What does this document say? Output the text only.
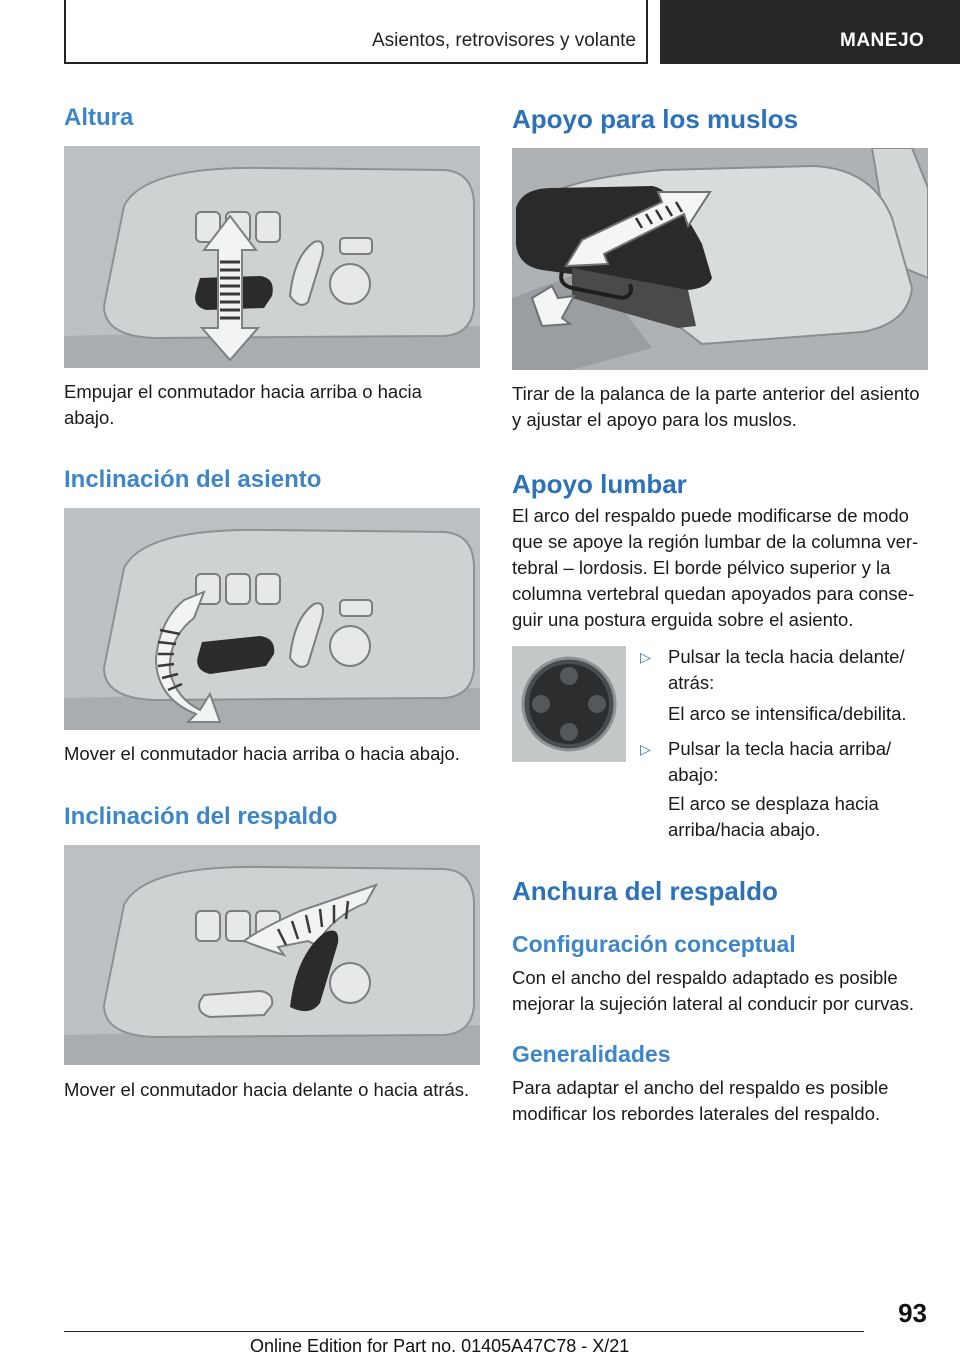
Asientos, retrovisores y volante	MANEJO
Altura
Empujar el conmutador hacia arriba o hacia
abajo.
Inclinación del asiento
Mover el conmutador hacia arriba o hacia abajo.
Inclinación del respaldo
Mover el conmutador hacia delante o hacia atrás.
Apoyo para los muslos
Tirar de la palanca de la parte anterior del asiento
y ajustar el apoyo para los muslos.
Apoyo lumbar
El arco del respaldo puede modificarse de modo
que se apoye la región lumbar de la columna ver-
tebral – lordosis. El borde pélvico superior y la
columna vertebral quedan apoyados para conse-
guir una postura erguida sobre el asiento.
▷ Pulsar la tecla hacia delante/
atrás:
El arco se intensifica/debilita.
▷ Pulsar la tecla hacia arriba/
abajo:
El arco se desplaza hacia
arriba/hacia abajo.
Anchura del respaldo
Configuración conceptual
Con el ancho del respaldo adaptado es posible
mejorar la sujeción lateral al conducir por curvas.
Generalidades
Para adaptar el ancho del respaldo es posible
modificar los rebordes laterales del respaldo.
93
Online Edition for Part no. 01405A47C78 - X/21
